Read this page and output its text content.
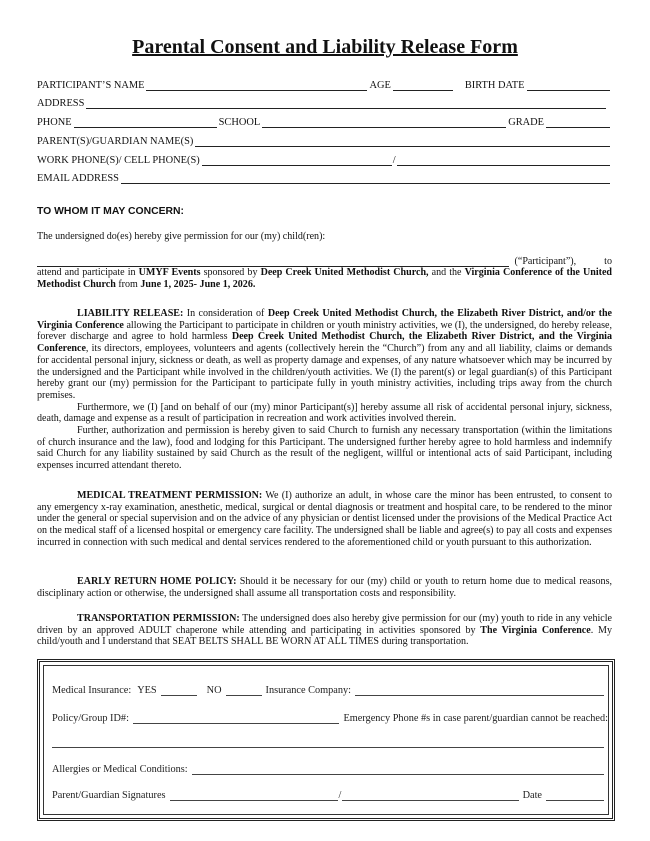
Parental Consent and Liability Release Form
PARTICIPANT’S NAME	AGE	BIRTH DATE
ADDRESS
PHONE	SCHOOL	GRADE
PARENT(S)/GUARDIAN NAME(S)
WORK PHONE(S)/ CELL PHONE(S)	/
EMAIL ADDRESS
TO WHOM IT MAY CONCERN:

The undersigned do(es) hereby give permission for our (my) child(ren):

(“Participant”),	to

attend and participate in UMYF Events sponsored by Deep Creek United Methodist Church, and the Virginia Conference of the United Methodist Church from June 1, 2025- June 1, 2026.

LIABILITY RELEASE: In consideration of Deep Creek United Methodist Church, the Elizabeth River District, and/or the Virginia Conference allowing the Participant to participate in children or youth ministry activities, we (I), the undersigned, do hereby release, forever discharge and agree to hold harmless Deep Creek United Methodist Church, the Elizabeth River District, and the Virginia Conference, its directors, employees, volunteers and agents (collectively herein the “Church”) from any and all liability, claims or demands for accidental personal injury, sickness or death, as well as property damage and expenses, of any nature whatsoever which may be incurred by the undersigned and the Participant while involved in the children/youth activities. We (I) the parent(s) or legal guardian(s) of this Participant hereby grant our (my) permission for the Participant to participate fully in youth ministry activities, including trips away from the church premises.

Furthermore, we (I) [and on behalf of our (my) minor Participant(s)] hereby assume all risk of accidental personal injury, sickness, death, damage and expense as a result of participation in recreation and work activities involved therein.

Further, authorization and permission is hereby given to said Church to furnish any necessary transportation (within the limitations of church insurance and the law), food and lodging for this Participant. The undersigned further hereby agree to hold harmless and indemnify said Church for any liability sustained by said Church as the result of the negligent, willful or intentional acts of said Participant, including expenses incurred attendant thereto.

MEDICAL TREATMENT PERMISSION: We (I) authorize an adult, in whose care the minor has been entrusted, to consent to any emergency x-ray examination, anesthetic, medical, surgical or dental diagnosis or treatment and hospital care, to be rendered to the minor under the general or special supervision and on the advice of any physician or dentist licensed under the provisions of the Medical Practice Act on the medical staff of a licensed hospital or emergency care facility. The undersigned shall be liable and agree(s) to pay all costs and expenses incurred in connection with such medical and dental services rendered to the aforementioned child or youth pursuant to this authorization.

EARLY RETURN HOME POLICY: Should it be necessary for our (my) child or youth to return home due to medical reasons, disciplinary action or otherwise, the undersigned shall assume all transportation costs and responsibility.

TRANSPORTATION PERMISSION: The undersigned does also hereby give permission for our (my) youth to ride in any vehicle driven by an approved ADULT chaperone while attending and participating in activities sponsored by The Virginia Conference. My child/youth and I understand that SEAT BELTS SHALL BE WORN AT ALL TIMES during transportation.

Medical Insurance: YES	NO	Insurance Company:
Policy/Group ID#:	Emergency Phone #s in case parent/guardian cannot be reached:
Allergies or Medical Conditions:
Parent/Guardian Signatures	/	Date
